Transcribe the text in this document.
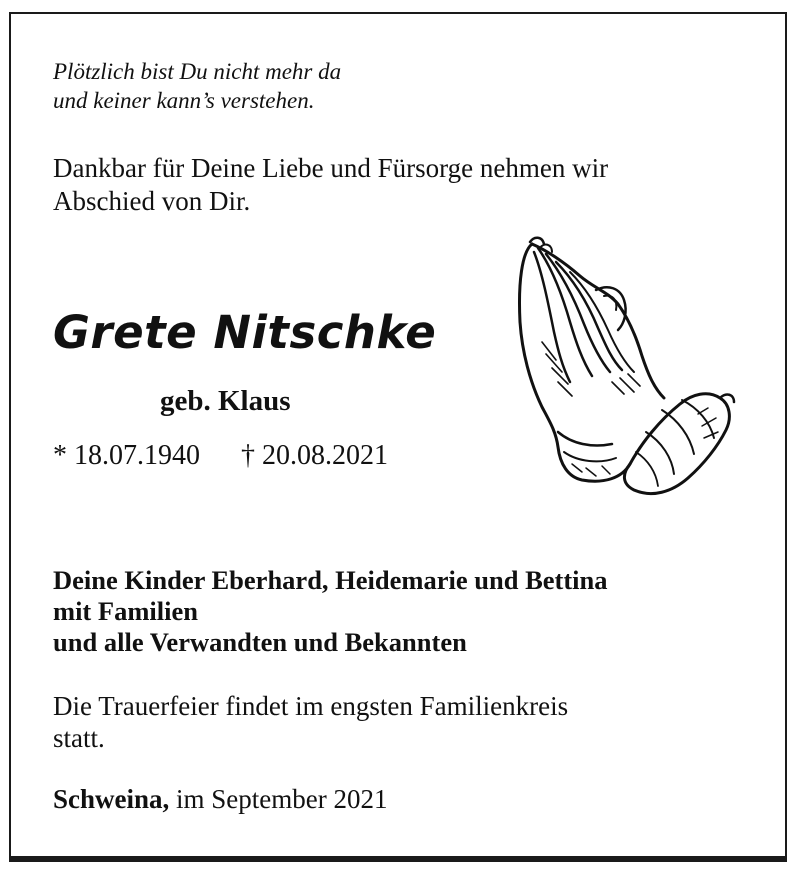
Plötzlich bist Du nicht mehr da
und keiner kann’s verstehen.
Dankbar für Deine Liebe und Fürsorge nehmen wir
Abschied von Dir.
Grete Nitschke
geb. Klaus
* 18.07.1940 † 20.08.2021
Deine Kinder Eberhard, Heidemarie und Bettina
mit Familien
und alle Verwandten und Bekannten
Die Trauerfeier findet im engsten Familienkreis
statt.
Schweina, im September 2021
